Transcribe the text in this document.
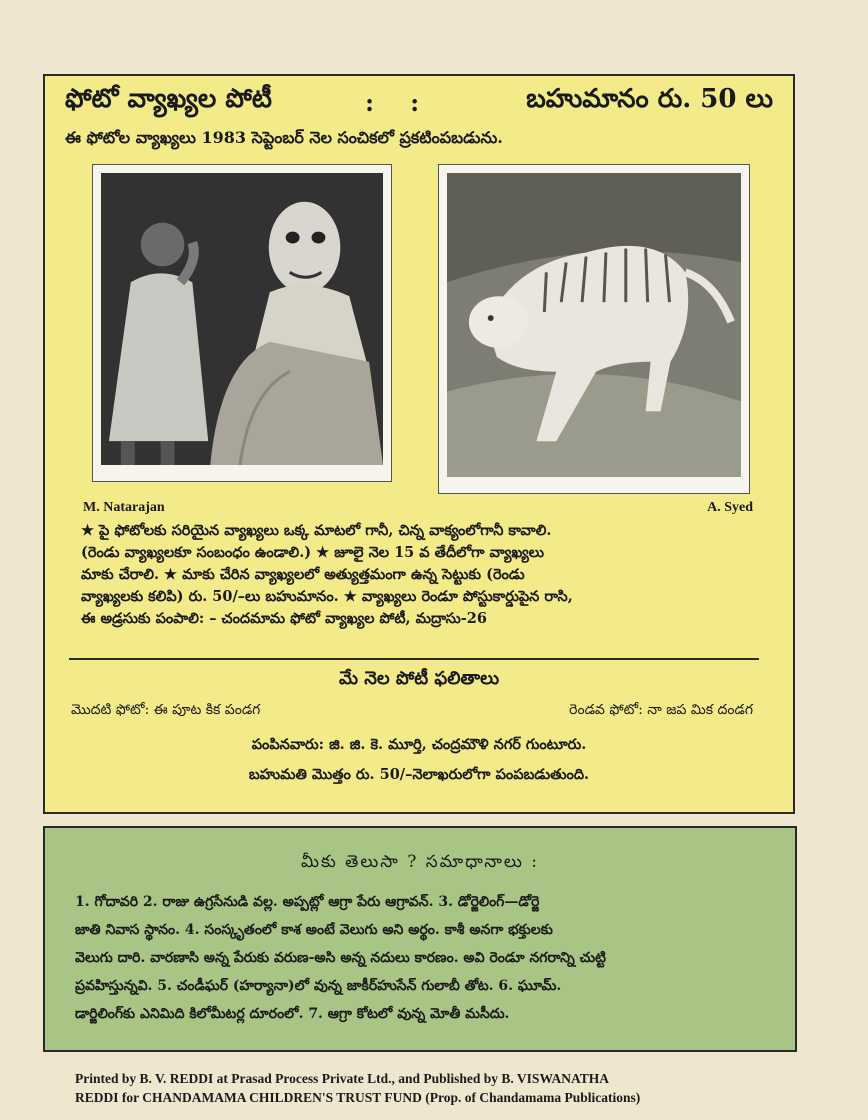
ఫోటో వ్యాఖ్యల పోటీ	: :	బహుమానం రు. 50 లు
ఈ ఫోటోల వ్యాఖ్యలు 1983 సెప్టెంబర్ నెల సంచికలో ప్రకటింపబడును.
M. Natarajan	A. Syed

★ పై ఫోటోలకు సరియైన వ్యాఖ్యలు ఒక్క మాటలో గానీ, చిన్న వాక్యంలోగానీ కావాలి.

(రెండు వ్యాఖ్యలకూ సంబంధం ఉండాలి.) ★ జూలై నెల 15 వ తేదీలోగా వ్యాఖ్యలు

మాకు చేరాలి. ★ మాకు చేరిన వ్యాఖ్యలలో అత్యుత్తమంగా ఉన్న సెట్టుకు (రెండు

వ్యాఖ్యలకు కలిపి) రు. 50/–లు బహుమానం. ★ వ్యాఖ్యలు రెండూ పోస్టుకార్డుపైన రాసి,

ఈ అడ్రసుకు పంపాలి: – చందమామ ఫోటో వ్యాఖ్యల పోటీ, మద్రాసు-26

మే నెల పోటీ ఫలితాలు
మొదటి ఫోటో: ఈ పూట కిక పండగ	రెండవ ఫోటో: నా జప మిక దండగ
పంపినవారు: జి. జి. కె. మూర్తి, చంద్రమౌళి నగర్ గుంటూరు.
బహుమతి మొత్తం రు. 50/–నెలాఖరులోగా పంపబడుతుంది.
మీకు తెలుసా ? సమాధానాలు :

1. గోదావరి 2. రాజు ఉగ్రసేనుడి వల్ల. అప్పట్లో ఆగ్రా పేరు ఆగ్రావన్. 3. డోర్జెలింగ్—డోర్జె

జాతి నివాస స్థానం. 4. సంస్కృతంలో కాశ అంటే వెలుగు అని అర్థం. కాశీ అనగా భక్తులకు

వెలుగు దారి. వారణాసి అన్న పేరుకు వరుణ-అసి అన్న నదులు కారణం. అవి రెండూ నగరాన్ని చుట్టి

ప్రవహిస్తున్నవి. 5. చండీఘర్ (హర్యానా)లో వున్న జాకీర్‌హుసేన్ గులాబీ తోట. 6. ఘూమ్.

డార్జిలింగ్‌కు ఎనిమిది కిలోమీటర్ల దూరంలో. 7. ఆగ్రా కోటలో వున్న మోతీ మసీదు.

Printed by B. V. REDDI at Prasad Process Private Ltd., and Published by B. VISWANATHA

REDDI for CHANDAMAMA CHILDREN'S TRUST FUND (Prop. of Chandamama Publications)
